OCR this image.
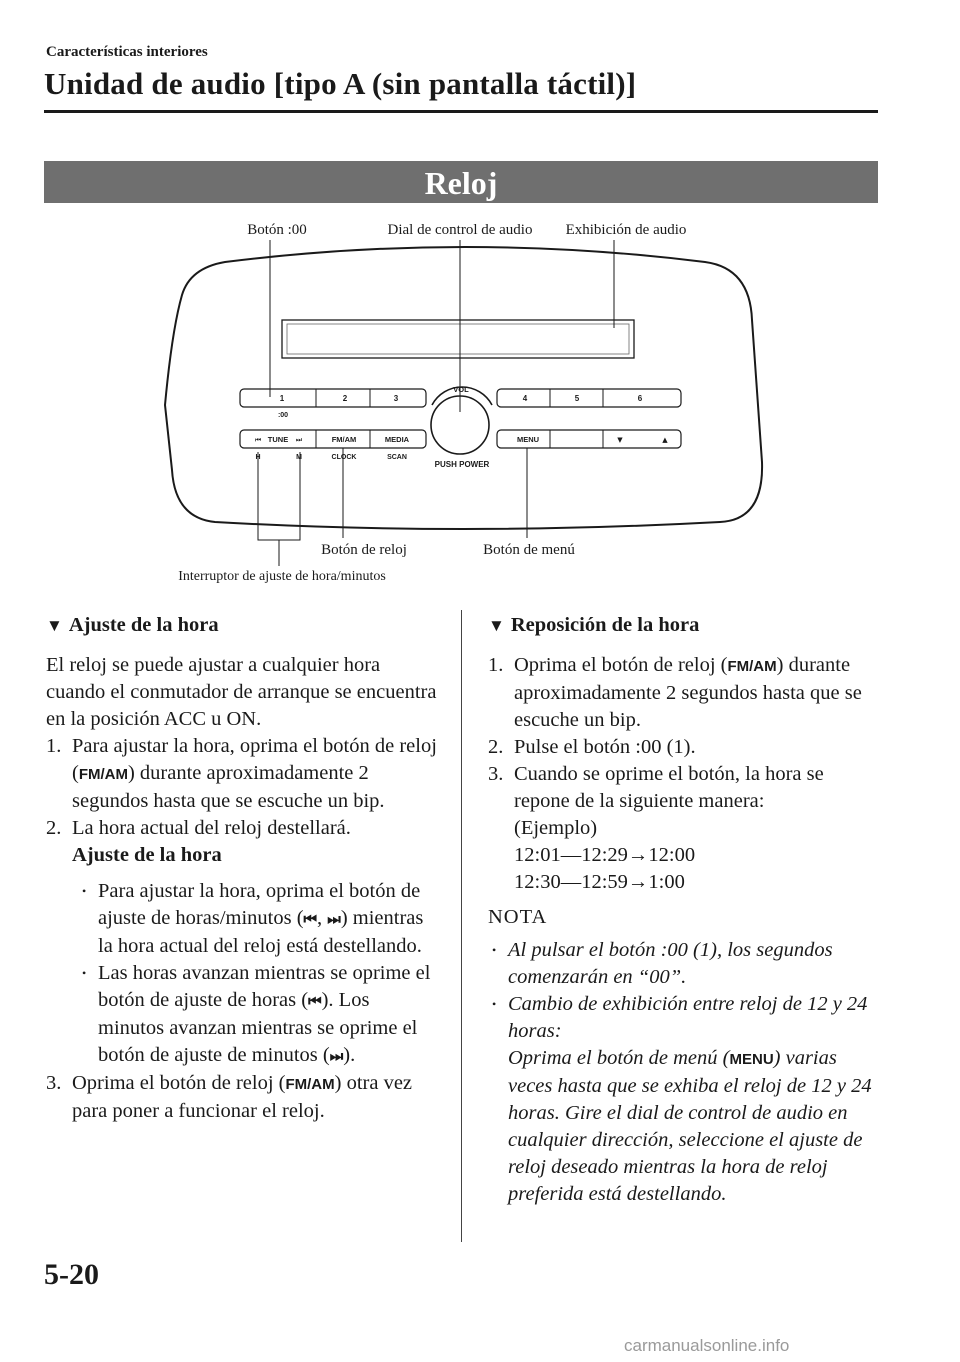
Características interiores
Unidad de audio [tipo A (sin pantalla táctil)]
Reloj
Botón :00	Dial de control de audio Exhibición de audio
Botón de reloj	Botón de menú
Interruptor de ajuste de hora/minutos
1	2	3
:00
TUNE
⏮	⏭	FM/AM	MEDIA
H	M	CLOCK	SCAN
VOL
PUSH POWER
4	5	6
MENU	▼	▲
▼ Ajuste de la hora

El reloj se puede ajustar a cualquier hora cuando el conmutador de arranque se encuentra en la posición ACC u ON.

1. Para ajustar la hora, oprima el botón de reloj (FM/AM) durante aproximadamente 2 segundos hasta que se escuche un bip.
2. La hora actual del reloj destellará.
Ajuste de la hora
• Para ajustar la hora, oprima el botón de ajuste de horas/minutos (⏮, ⏭) mientras la hora actual del reloj está destellando.
• Las horas avanzan mientras se oprime el botón de ajuste de horas (⏮). Los minutos avanzan mientras se oprime el botón de ajuste de minutos (⏭).
3. Oprima el botón de reloj (FM/AM) otra vez para poner a funcionar el reloj.
▼ Reposición de la hora
1. Oprima el botón de reloj (FM/AM) durante aproximadamente 2 segundos hasta que se escuche un bip.
2. Pulse el botón :00 (1).
3. Cuando se oprime el botón, la hora se repone de la siguiente manera:
(Ejemplo)
12:01―12:29→12:00
12:30―12:59→1:00
NOTA
• Al pulsar el botón :00 (1), los segundos comenzarán en “00”.
• Cambio de exhibición entre reloj de 12 y 24 horas:
Oprima el botón de menú (MENU) varias veces hasta que se exhiba el reloj de 12 y 24 horas. Gire el dial de control de audio en cualquier dirección, seleccione el ajuste de reloj deseado mientras la hora de reloj preferida está destellando.
5-20
carmanualsonline.info
